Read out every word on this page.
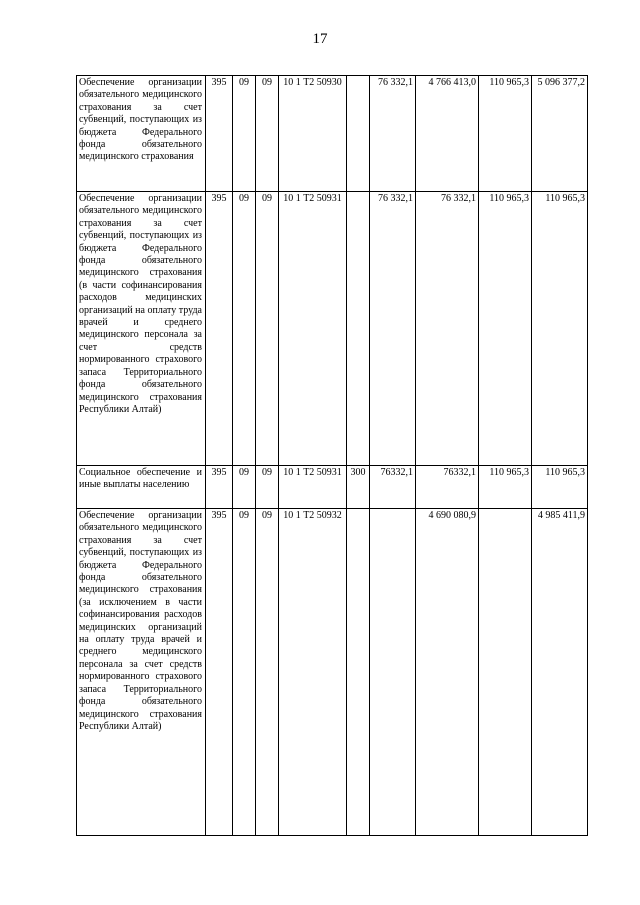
17
Обеспечение организации обязательного медицинского страхования за счет субвенций, поступающих из бюджета Федерального фонда обязательного медицинского страхования	395	09	09	10 1 Т2 50930		76 332,1	4 766 413,0	110 965,3	5 096 377,2
Обеспечение организации обязательного медицинского страхования за счет субвенций, поступающих из бюджета Федерального фонда обязательного медицинского страхования (в части софинансирования расходов медицинских организаций на оплату труда врачей и среднего медицинского персонала за счет средств нормированного страхового запаса Территориального фонда обязательного медицинского страхования Республики Алтай)	395	09	09	10 1 Т2 50931		76 332,1	76 332,1	110 965,3	110 965,3
Социальное обеспечение и иные выплаты населению	395	09	09	10 1 Т2 50931	300	76332,1	76332,1	110 965,3	110 965,3
Обеспечение организации обязательного медицинского страхования за счет субвенций, поступающих из бюджета Федерального фонда обязательного медицинского страхования (за исключением в части софинансирования расходов медицинских организаций на оплату труда врачей и среднего медицинского персонала за счет средств нормированного страхового запаса Территориального фонда обязательного медицинского страхования Республики Алтай)	395	09	09	10 1 Т2 50932			4 690 080,9		4 985 411,9
